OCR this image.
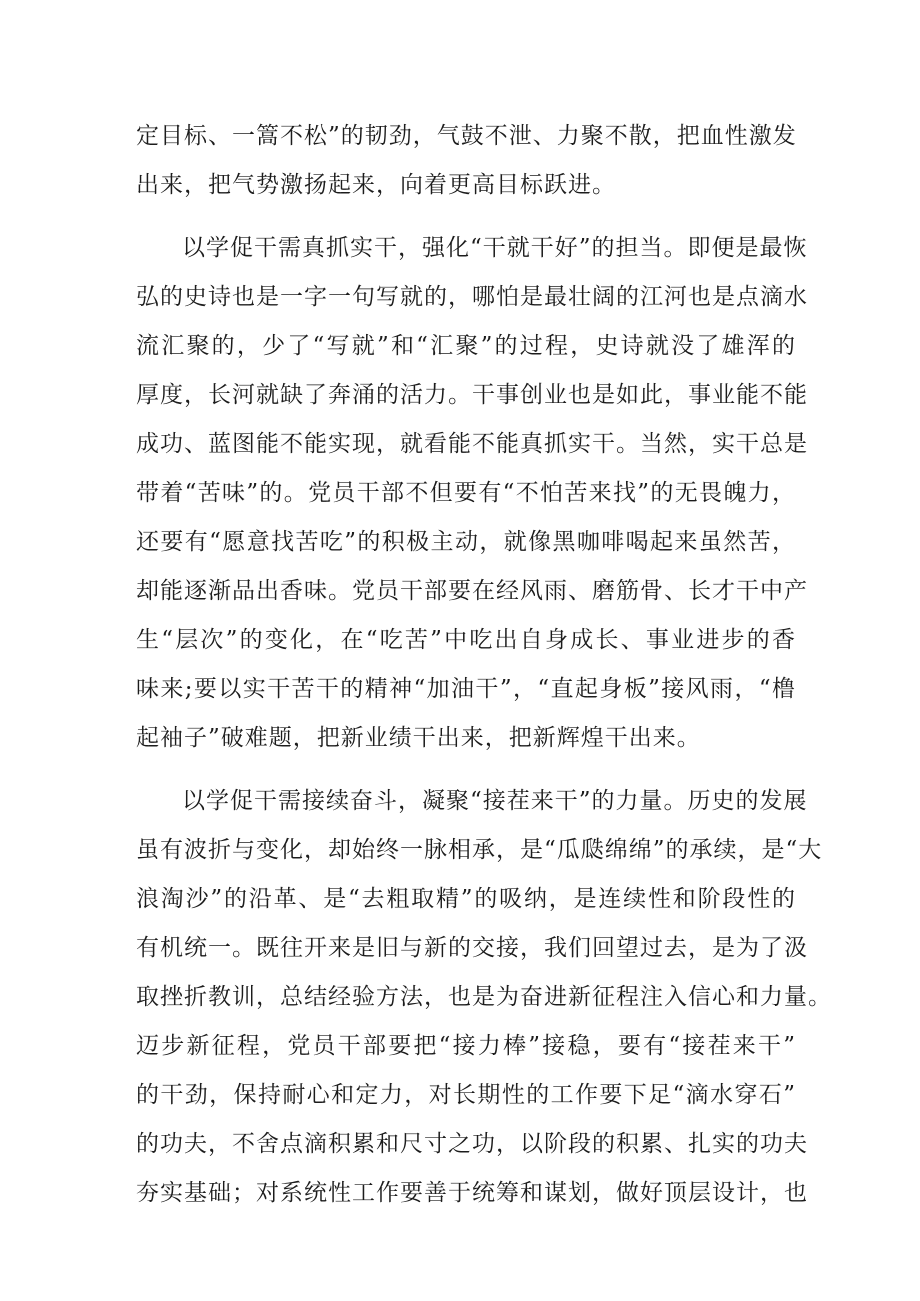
定目标、一篙不松”的韧劲，气鼓不泄、力聚不散，把血性激发
出来，把气势激扬起来，向着更高目标跃进。
以学促干需真抓实干，强化“干就干好”的担当。即便是最恢
弘的史诗也是一字一句写就的，哪怕是最壮阔的江河也是点滴水
流汇聚的，少了“写就”和“汇聚”的过程，史诗就没了雄浑的
厚度，长河就缺了奔涌的活力。干事创业也是如此，事业能不能
成功、蓝图能不能实现，就看能不能真抓实干。当然，实干总是
带着“苦味”的。党员干部不但要有“不怕苦来找”的无畏魄力，
还要有“愿意找苦吃”的积极主动，就像黑咖啡喝起来虽然苦，
却能逐渐品出香味。党员干部要在经风雨、磨筋骨、长才干中产
生“层次”的变化，在“吃苦”中吃出自身成长、事业进步的香
味来;要以实干苦干的精神“加油干”，“直起身板”接风雨，“橹
起袖子”破难题，把新业绩干出来，把新辉煌干出来。
以学促干需接续奋斗，凝聚“接茬来干”的力量。历史的发展
虽有波折与变化，却始终一脉相承，是“瓜瓞绵绵”的承续，是“大
浪淘沙”的沿革、是“去粗取精”的吸纳，是连续性和阶段性的
有机统一。既往开来是旧与新的交接，我们回望过去，是为了汲
取挫折教训，总结经验方法，也是为奋进新征程注入信心和力量。
迈步新征程，党员干部要把“接力棒”接稳，要有“接茬来干”
的干劲，保持耐心和定力，对长期性的工作要下足“滴水穿石”
的功夫，不舍点滴积累和尺寸之功，以阶段的积累、扎实的功夫
夯实基础；对系统性工作要善于统筹和谋划，做好顶层设计，也
